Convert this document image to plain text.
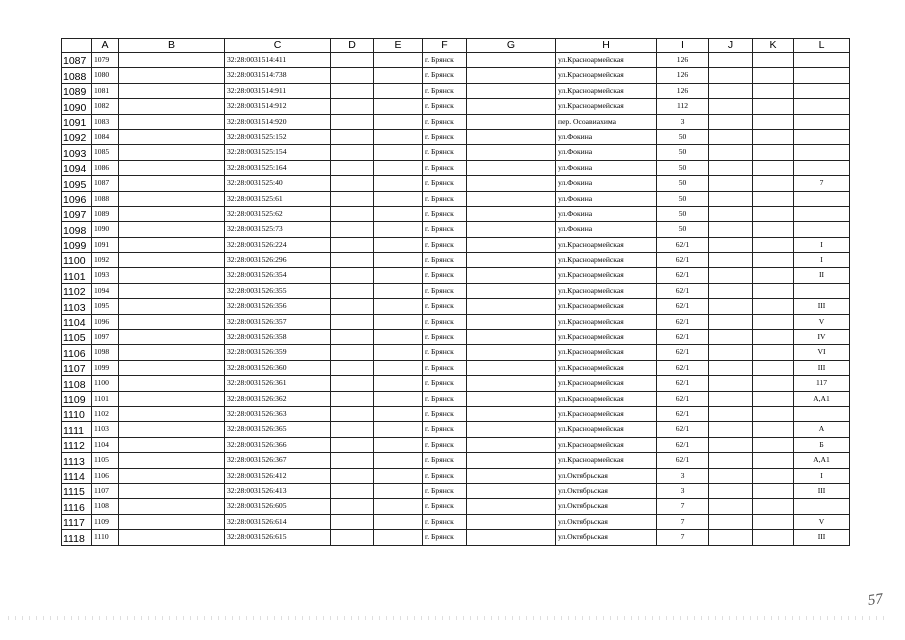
	A	B	C	D	E	F	G	H	I	J	K	L
1087	1079		32:28:0031514:411			г. Брянск		ул.Красноармейская	126			
1088	1080		32:28:0031514:738			г. Брянск		ул.Красноармейская	126			
1089	1081		32:28:0031514:911			г. Брянск		ул.Красноармейская	126			
1090	1082		32:28:0031514:912			г. Брянск		ул.Красноармейская	112			
1091	1083		32:28:0031514:920			г. Брянск		пер. Осоавиахима	3			
1092	1084		32:28:0031525:152			г. Брянск		ул.Фокина	50			
1093	1085		32:28:0031525:154			г. Брянск		ул.Фокина	50			
1094	1086		32:28:0031525:164			г. Брянск		ул.Фокина	50			
1095	1087		32:28:0031525:40			г. Брянск		ул.Фокина	50			7
1096	1088		32:28:0031525:61			г. Брянск		ул.Фокина	50			
1097	1089		32:28:0031525:62			г. Брянск		ул.Фокина	50			
1098	1090		32:28:0031525:73			г. Брянск		ул.Фокина	50			
1099	1091		32:28:0031526:224			г. Брянск		ул.Красноармейская	62/1			I
1100	1092		32:28:0031526:296			г. Брянск		ул.Красноармейская	62/1			I
1101	1093		32:28:0031526:354			г. Брянск		ул.Красноармейская	62/1			II
1102	1094		32:28:0031526:355			г. Брянск		ул.Красноармейская	62/1			
1103	1095		32:28:0031526:356			г. Брянск		ул.Красноармейская	62/1			III
1104	1096		32:28:0031526:357			г. Брянск		ул.Красноармейская	62/1			V
1105	1097		32:28:0031526:358			г. Брянск		ул.Красноармейская	62/1			IV
1106	1098		32:28:0031526:359			г. Брянск		ул.Красноармейская	62/1			VI
1107	1099		32:28:0031526:360			г. Брянск		ул.Красноармейская	62/1			III
1108	1100		32:28:0031526:361			г. Брянск		ул.Красноармейская	62/1			117
1109	1101		32:28:0031526:362			г. Брянск		ул.Красноармейская	62/1			А,А1
1110	1102		32:28:0031526:363			г. Брянск		ул.Красноармейская	62/1			
1111	1103		32:28:0031526:365			г. Брянск		ул.Красноармейская	62/1			А
1112	1104		32:28:0031526:366			г. Брянск		ул.Красноармейская	62/1			Б
1113	1105		32:28:0031526:367			г. Брянск		ул.Красноармейская	62/1			А,А1
1114	1106		32:28:0031526:412			г. Брянск		ул.Октябрьская	3			I
1115	1107		32:28:0031526:413			г. Брянск		ул.Октябрьская	3			III
1116	1108		32:28:0031526:605			г. Брянск		ул.Октябрьская	7			
1117	1109		32:28:0031526:614			г. Брянск		ул.Октябрьская	7			V
1118	1110		32:28:0031526:615			г. Брянск		ул.Октябрьская	7			III
57
